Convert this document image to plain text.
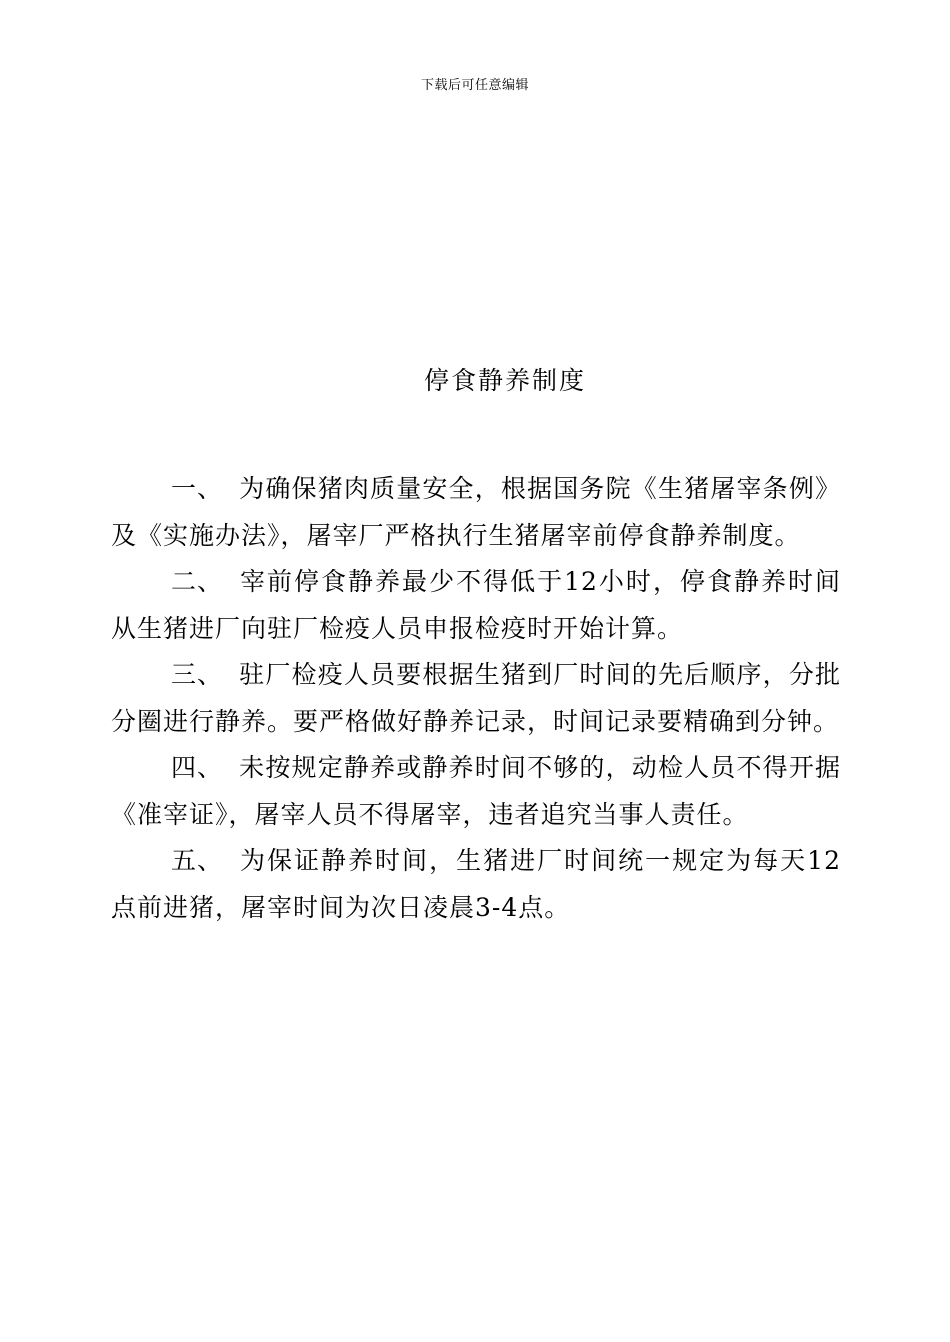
下载后可任意编辑
停食静养制度

一、 为确保猪肉质量安全，根据国务院《生猪屠宰条例》及《实施办法》，屠宰厂严格执行生猪屠宰前停食静养制度。

二、 宰前停食静养最少不得低于12小时，停食静养时间从生猪进厂向驻厂检疫人员申报检疫时开始计算。

三、 驻厂检疫人员要根据生猪到厂时间的先后顺序，分批分圈进行静养。要严格做好静养记录，时间记录要精确到分钟。

四、 未按规定静养或静养时间不够的，动检人员不得开据《准宰证》，屠宰人员不得屠宰，违者追究当事人责任。

五、 为保证静养时间，生猪进厂时间统一规定为每天12点前进猪，屠宰时间为次日凌晨3-4点。
